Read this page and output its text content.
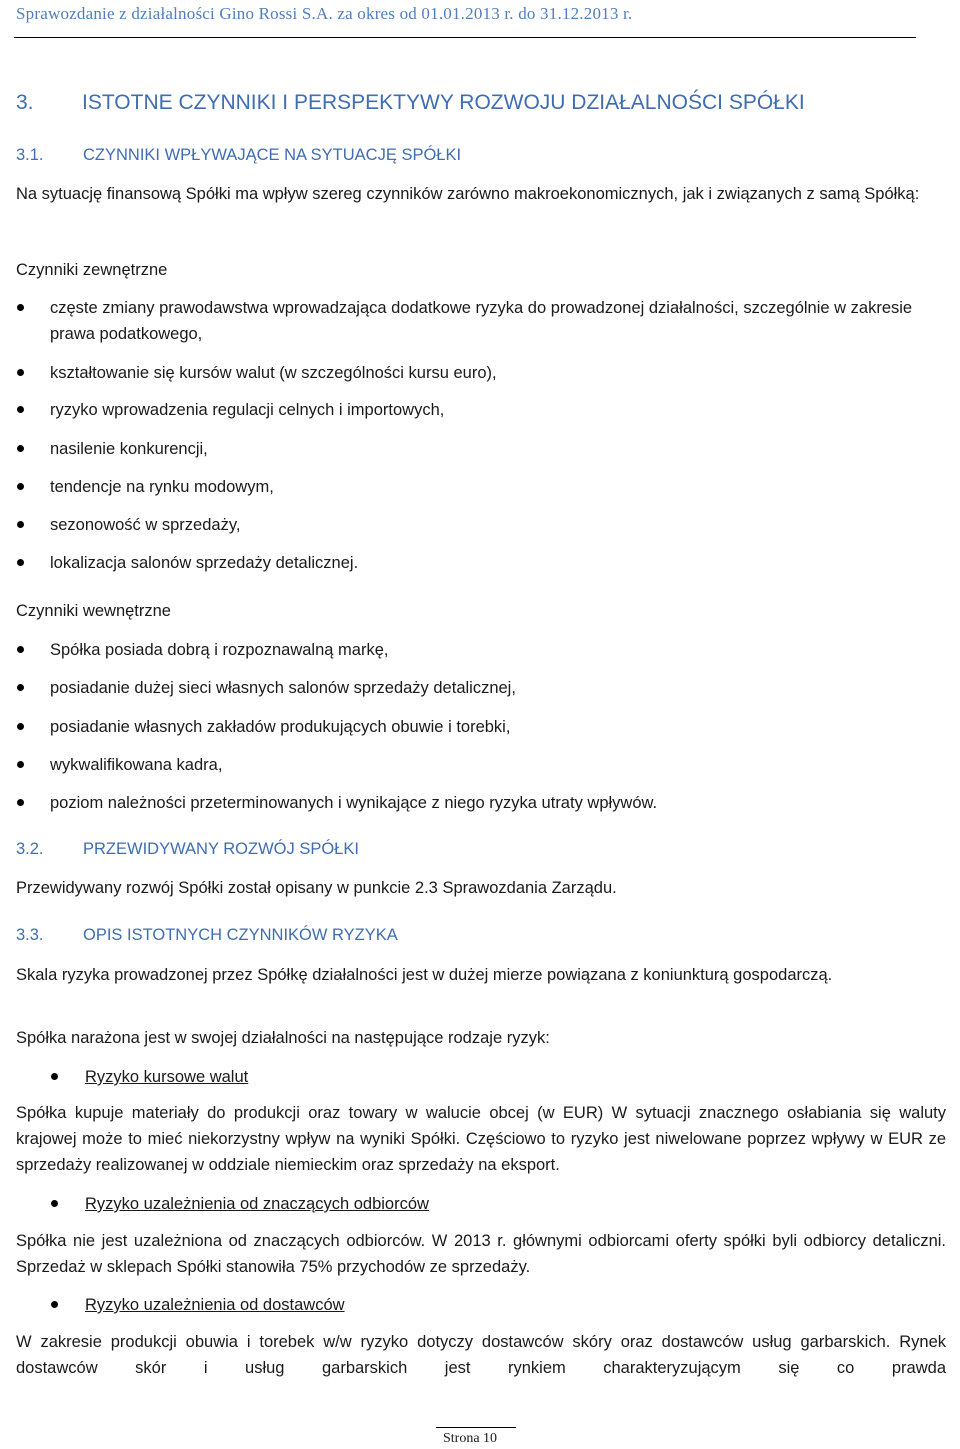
Sprawozdanie z działalności Gino Rossi S.A. za okres od 01.01.2013 r. do 31.12.2013 r.
3. ISTOTNE CZYNNIKI I PERSPEKTYWY ROZWOJU DZIAŁALNOŚCI SPÓŁKI
3.1. CZYNNIKI WPŁYWAJĄCE NA SYTUACJĘ SPÓŁKI
Na sytuację finansową Spółki ma wpływ szereg czynników zarówno makroekonomicznych, jak i związanych z samą Spółką:
Czynniki zewnętrzne
częste zmiany prawodawstwa wprowadzająca dodatkowe ryzyka do prowadzonej działalności, szczególnie w zakresie prawa podatkowego,
kształtowanie się kursów walut (w szczególności kursu euro),
ryzyko wprowadzenia regulacji celnych i importowych,
nasilenie konkurencji,
tendencje na rynku modowym,
sezonowość w sprzedaży,
lokalizacja salonów sprzedaży detalicznej.
Czynniki wewnętrzne
Spółka posiada dobrą i rozpoznawalną markę,
posiadanie dużej sieci własnych salonów sprzedaży detalicznej,
posiadanie własnych zakładów produkujących obuwie i torebki,
wykwalifikowana kadra,
poziom należności przeterminowanych i wynikające z niego ryzyka utraty wpływów.
3.2. PRZEWIDYWANY ROZWÓJ SPÓŁKI
Przewidywany rozwój Spółki został opisany w punkcie 2.3 Sprawozdania Zarządu.
3.3. OPIS ISTOTNYCH CZYNNIKÓW RYZYKA
Skala ryzyka prowadzonej przez Spółkę działalności jest w dużej mierze powiązana z koniunkturą gospodarczą.
Spółka narażona jest w swojej działalności na następujące rodzaje ryzyk:
Ryzyko kursowe walut
Spółka kupuje materiały do produkcji oraz towary w walucie obcej (w EUR) W sytuacji znacznego osłabiania się waluty krajowej może to mieć niekorzystny wpływ na wyniki Spółki. Częściowo to ryzyko jest niwelowane poprzez wpływy w EUR ze sprzedaży realizowanej w oddziale niemieckim oraz sprzedaży na eksport.
Ryzyko uzależnienia od znaczących odbiorców
Spółka nie jest uzależniona od znaczących odbiorców. W 2013 r. głównymi odbiorcami oferty spółki byli odbiorcy detaliczni. Sprzedaż w sklepach Spółki stanowiła 75% przychodów ze sprzedaży.
Ryzyko uzależnienia od dostawców
W zakresie produkcji obuwia i torebek w/w ryzyko dotyczy dostawców skóry oraz dostawców usług garbarskich. Rynek dostawców skór i usług garbarskich jest rynkiem charakteryzującym się co prawda
Strona 10
